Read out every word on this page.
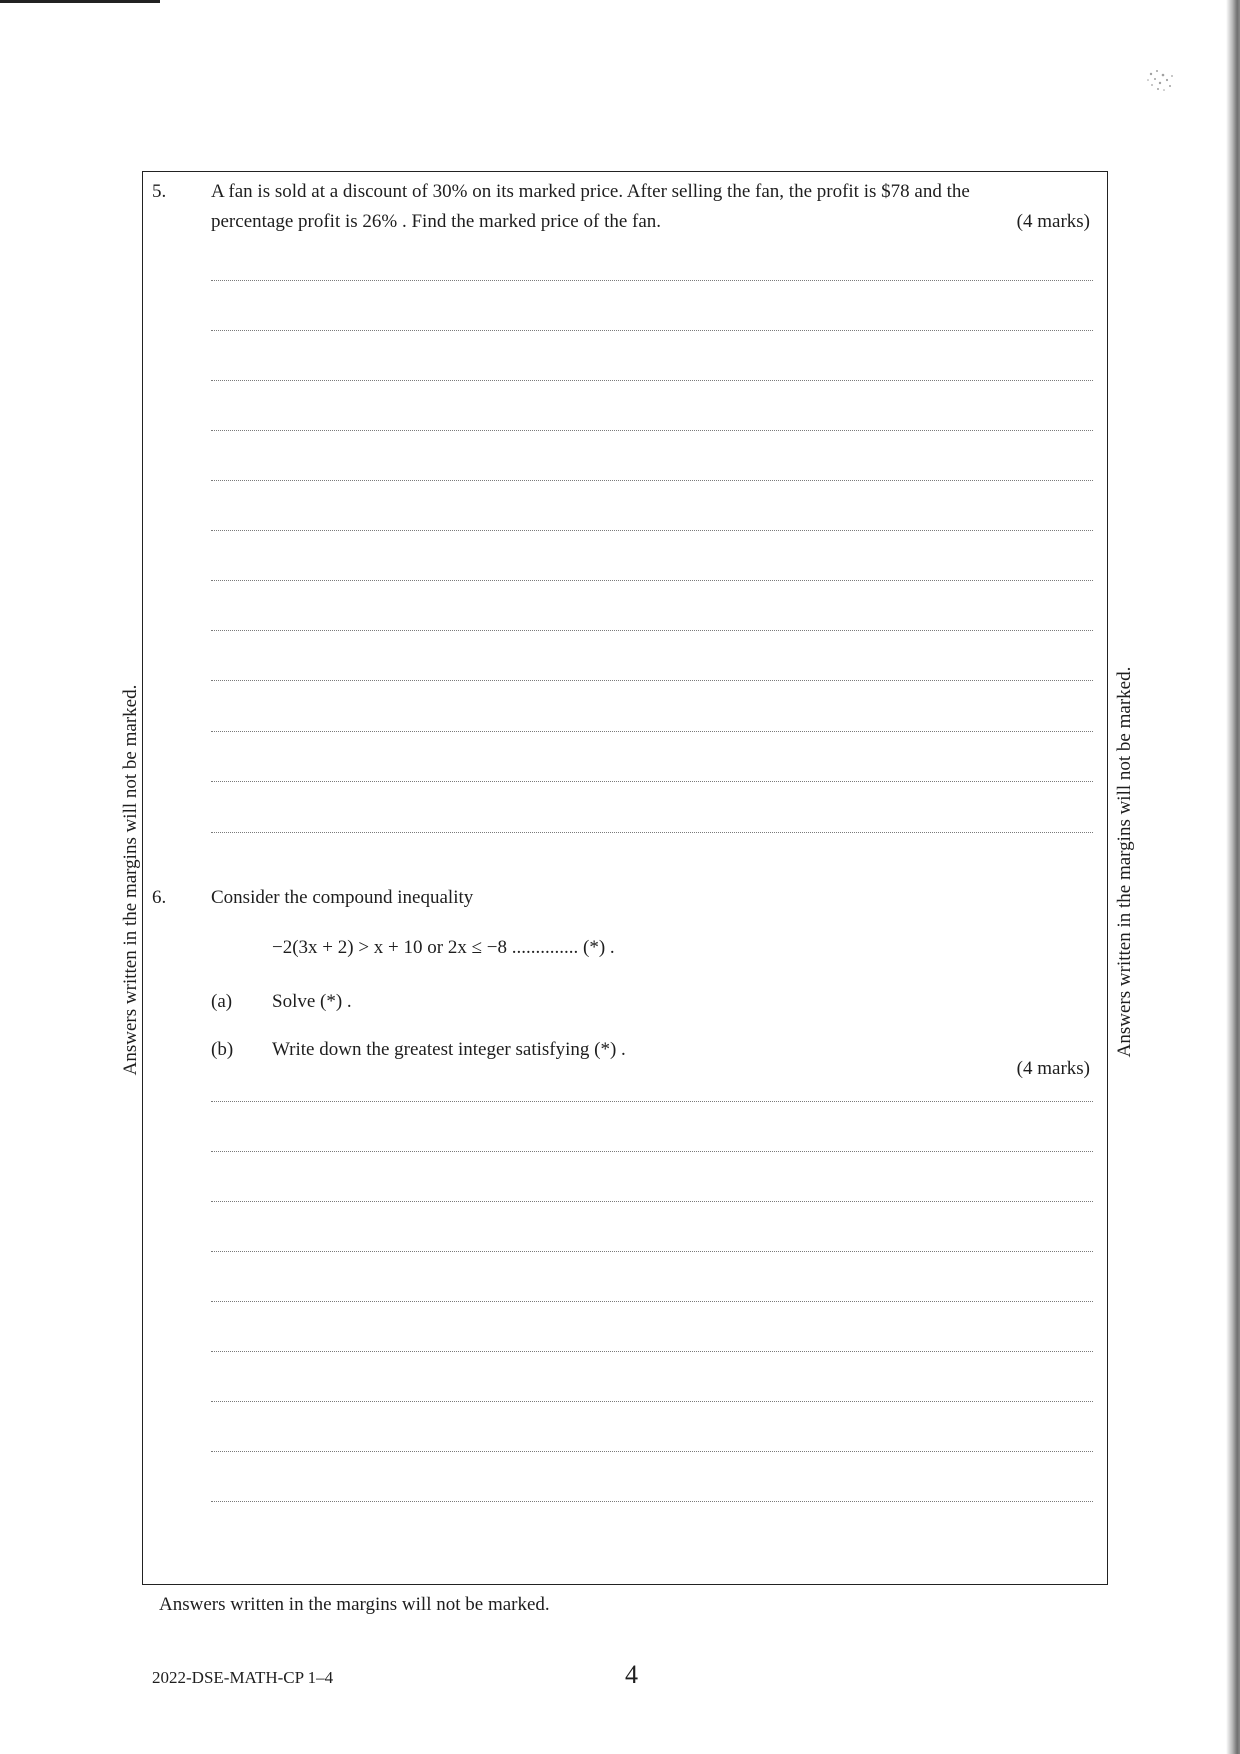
5. A fan is sold at a discount of 30% on its marked price. After selling the fan, the profit is $78 and the
percentage profit is 26% . Find the marked price of the fan.	(4 marks)
6. Consider the compound inequality
−2(3x + 2) > x + 10 or 2x ≤ −8 .............. (*) .
(a) Solve (*) .
(b) Write down the greatest integer satisfying (*) .
(4 marks)
Answers written in the margins will not be marked.	Answers written in the margins will not be marked.
Answers written in the margins will not be marked.
2022-DSE-MATH-CP 1–4	4
